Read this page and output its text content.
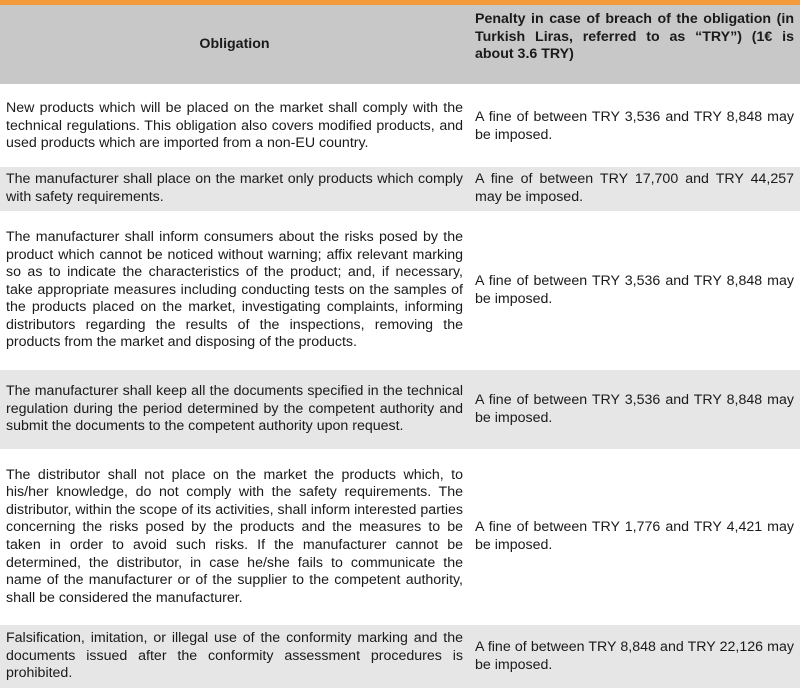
Obligation	Penalty in case of breach of the obligation (in Turkish Liras, referred to as “TRY”) (1€ is about 3.6 TRY)
New products which will be placed on the market shall comply with the technical regulations. This obligation also covers modified products, and used products which are imported from a non-EU country.	A fine of between TRY 3,536 and TRY 8,848 may be imposed.
The manufacturer shall place on the market only products which comply with safety requirements.	A fine of between TRY 17,700 and TRY 44,257 may be imposed.
The manufacturer shall inform consumers about the risks posed by the product which cannot be noticed without warning; affix relevant marking so as to indicate the characteristics of the product; and, if necessary, take appropriate measures including conducting tests on the samples of the products placed on the market, investigating complaints, informing distributors regarding the results of the inspections, removing the products from the market and disposing of the products.	A fine of between TRY 3,536 and TRY 8,848 may be imposed.
The manufacturer shall keep all the documents specified in the technical regulation during the period determined by the competent authority and submit the documents to the competent authority upon request.	A fine of between TRY 3,536 and TRY 8,848 may be imposed.
The distributor shall not place on the market the products which, to his/her knowledge, do not comply with the safety requirements. The distributor, within the scope of its activities, shall inform interested parties concerning the risks posed by the products and the measures to be taken in order to avoid such risks. If the manufacturer cannot be determined, the distributor, in case he/she fails to communicate the name of the manufacturer or of the supplier to the competent authority, shall be considered the manufacturer.	A fine of between TRY 1,776 and TRY 4,421 may be imposed.
Falsification, imitation, or illegal use of the conformity marking and the documents issued after the conformity assessment procedures is prohibited.	A fine of between TRY 8,848 and TRY 22,126 may be imposed.
